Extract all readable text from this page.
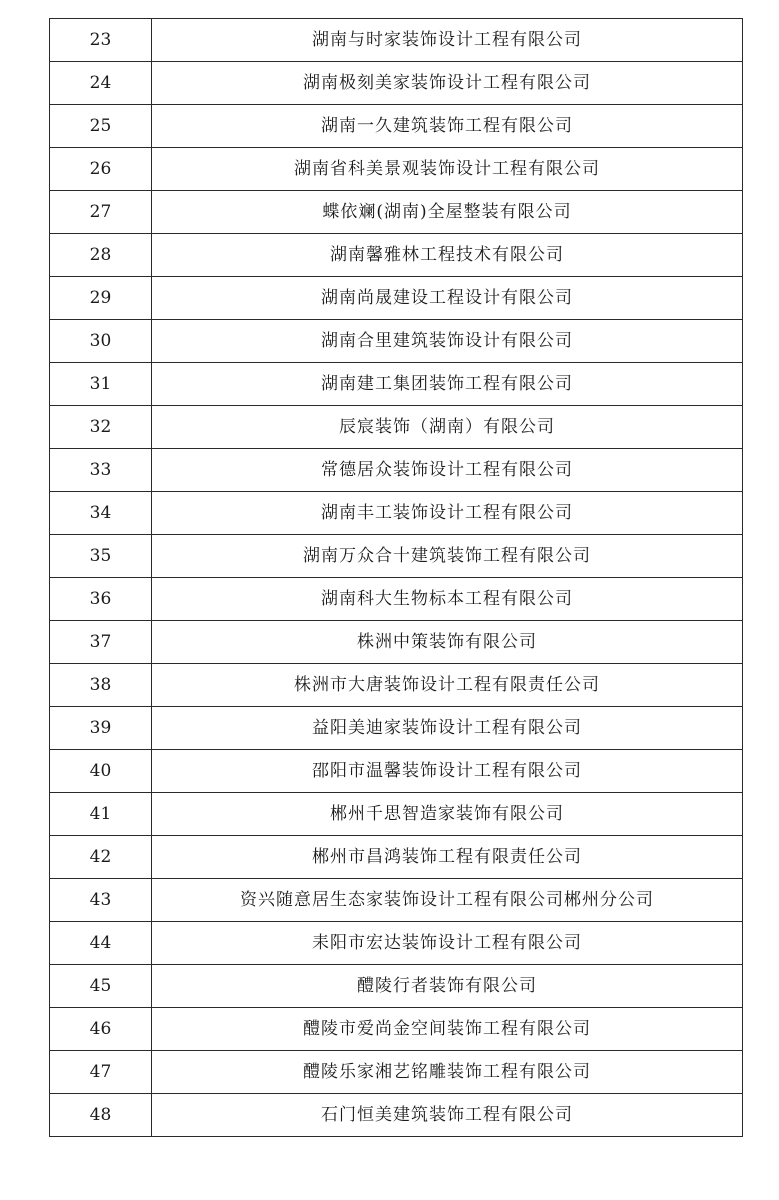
23	湖南与时家装饰设计工程有限公司
24	湖南极刻美家装饰设计工程有限公司
25	湖南一久建筑装饰工程有限公司
26	湖南省科美景观装饰设计工程有限公司
27	蝶依斓(湖南)全屋整装有限公司
28	湖南馨雅林工程技术有限公司
29	湖南尚晟建设工程设计有限公司
30	湖南合里建筑装饰设计有限公司
31	湖南建工集团装饰工程有限公司
32	辰宸装饰（湖南）有限公司
33	常德居众装饰设计工程有限公司
34	湖南丰工装饰设计工程有限公司
35	湖南万众合十建筑装饰工程有限公司
36	湖南科大生物标本工程有限公司
37	株洲中策装饰有限公司
38	株洲市大唐装饰设计工程有限责任公司
39	益阳美迪家装饰设计工程有限公司
40	邵阳市温馨装饰设计工程有限公司
41	郴州千思智造家装饰有限公司
42	郴州市昌鸿装饰工程有限责任公司
43	资兴随意居生态家装饰设计工程有限公司郴州分公司
44	耒阳市宏达装饰设计工程有限公司
45	醴陵行者装饰有限公司
46	醴陵市爱尚金空间装饰工程有限公司
47	醴陵乐家湘艺铭雕装饰工程有限公司
48	石门恒美建筑装饰工程有限公司
